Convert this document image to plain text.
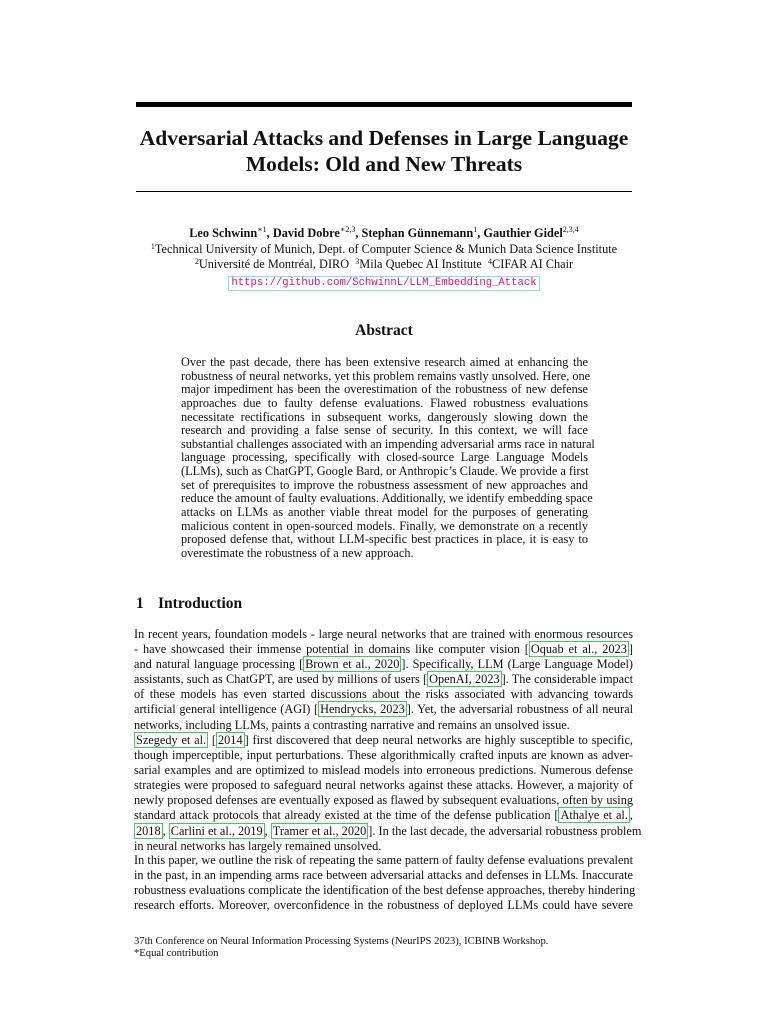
Adversarial Attacks and Defenses in Large Language
Models: Old and New Threats
Leo Schwinn$^{∗1}$, David Dobre$^{∗2,3}$, Stephan Günnemann$^1$, Gauthier Gidel$^{2,3,4}$
$^1$Technical University of Munich, Dept. of Computer Science & Munich Data Science Institute
$^2$Université de Montréal, DIRO $^3$Mila Quebec AI Institute $^4$CIFAR AI Chair
https://github.com/SchwinnL/LLM_Embedding_Attack
Abstract
Over the past decade, there has been extensive research aimed at enhancing the
robustness of neural networks, yet this problem remains vastly unsolved. Here, one
major impediment has been the overestimation of the robustness of new defense
approaches due to faulty defense evaluations. Flawed robustness evaluations
necessitate rectifications in subsequent works, dangerously slowing down the
research and providing a false sense of security. In this context, we will face
substantial challenges associated with an impending adversarial arms race in natural
language processing, specifically with closed-source Large Language Models
(LLMs), such as ChatGPT, Google Bard, or Anthropic’s Claude. We provide a first
set of prerequisites to improve the robustness assessment of new approaches and
reduce the amount of faulty evaluations. Additionally, we identify embedding space
attacks on LLMs as another viable threat model for the purposes of generating
malicious content in open-sourced models. Finally, we demonstrate on a recently
proposed defense that, without LLM-specific best practices in place, it is easy to
overestimate the robustness of a new approach.
1 Introduction
In recent years, foundation models - large neural networks that are trained with enormous resources
- have showcased their immense potential in domains like computer vision [ Oquab et al., 2023 ]
and natural language processing [ Brown et al., 2020 ]. Specifically, LLM (Large Language Model)
assistants, such as ChatGPT, are used by millions of users [ OpenAI, 2023 ]. The considerable impact
of these models has even started discussions about the risks associated with advancing towards
artificial general intelligence (AGI) [ Hendrycks, 2023 ]. Yet, the adversarial robustness of all neural
networks, including LLMs, paints a contrasting narrative and remains an unsolved issue.
Szegedy et al. [ 2014 ] first discovered that deep neural networks are highly susceptible to specific,
though imperceptible, input perturbations. These algorithmically crafted inputs are known as adver-
sarial examples and are optimized to mislead models into erroneous predictions. Numerous defense
strategies were proposed to safeguard neural networks against these attacks. However, a majority of
newly proposed defenses are eventually exposed as flawed by subsequent evaluations, often by using
standard attack protocols that already existed at the time of the defense publication [ Athalye et al. ,
2018 , Carlini et al., 2019 , Tramer et al., 2020 ]. In the last decade, the adversarial robustness problem
in neural networks has largely remained unsolved.
In this paper, we outline the risk of repeating the same pattern of faulty defense evaluations prevalent
in the past, in an impending arms race between adversarial attacks and defenses in LLMs. Inaccurate
robustness evaluations complicate the identification of the best defense approaches, thereby hindering
research efforts. Moreover, overconfidence in the robustness of deployed LLMs could have severe
37th Conference on Neural Information Processing Systems (NeurIPS 2023), ICBINB Workshop.
*Equal contribution
